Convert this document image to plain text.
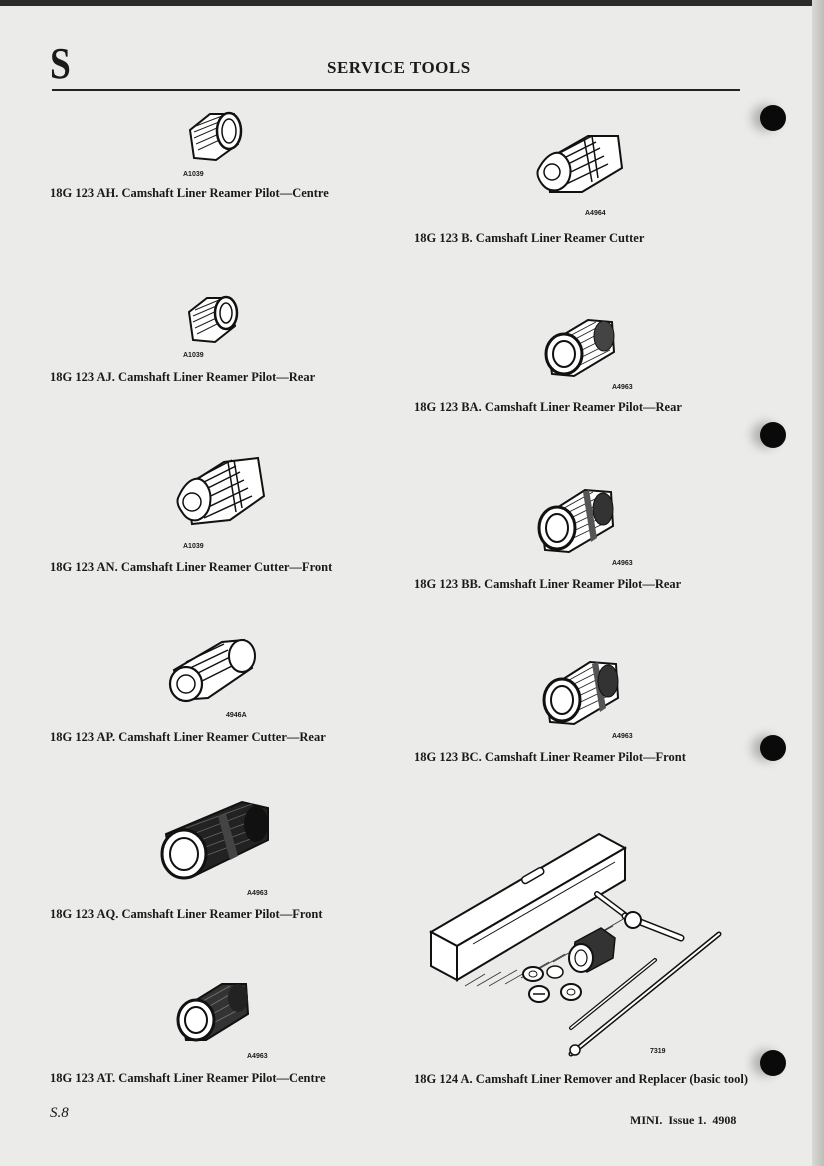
S	SERVICE TOOLS
A1039
18G 123 AH. Camshaft Liner Reamer Pilot—Centre
A1039
18G 123 AJ. Camshaft Liner Reamer Pilot—Rear
A1039
18G 123 AN. Camshaft Liner Reamer Cutter—Front
4946A
18G 123 AP. Camshaft Liner Reamer Cutter—Rear
A4963
18G 123 AQ. Camshaft Liner Reamer Pilot—Front
A4963
18G 123 AT. Camshaft Liner Reamer Pilot—Centre
A4964
18G 123 B. Camshaft Liner Reamer Cutter
A4963
18G 123 BA. Camshaft Liner Reamer Pilot—Rear
A4963
18G 123 BB. Camshaft Liner Reamer Pilot—Rear
A4963
18G 123 BC. Camshaft Liner Reamer Pilot—Front
7319
18G 124 A. Camshaft Liner Remover and Replacer (basic tool)
S.8	MINI.  Issue 1.  4908
